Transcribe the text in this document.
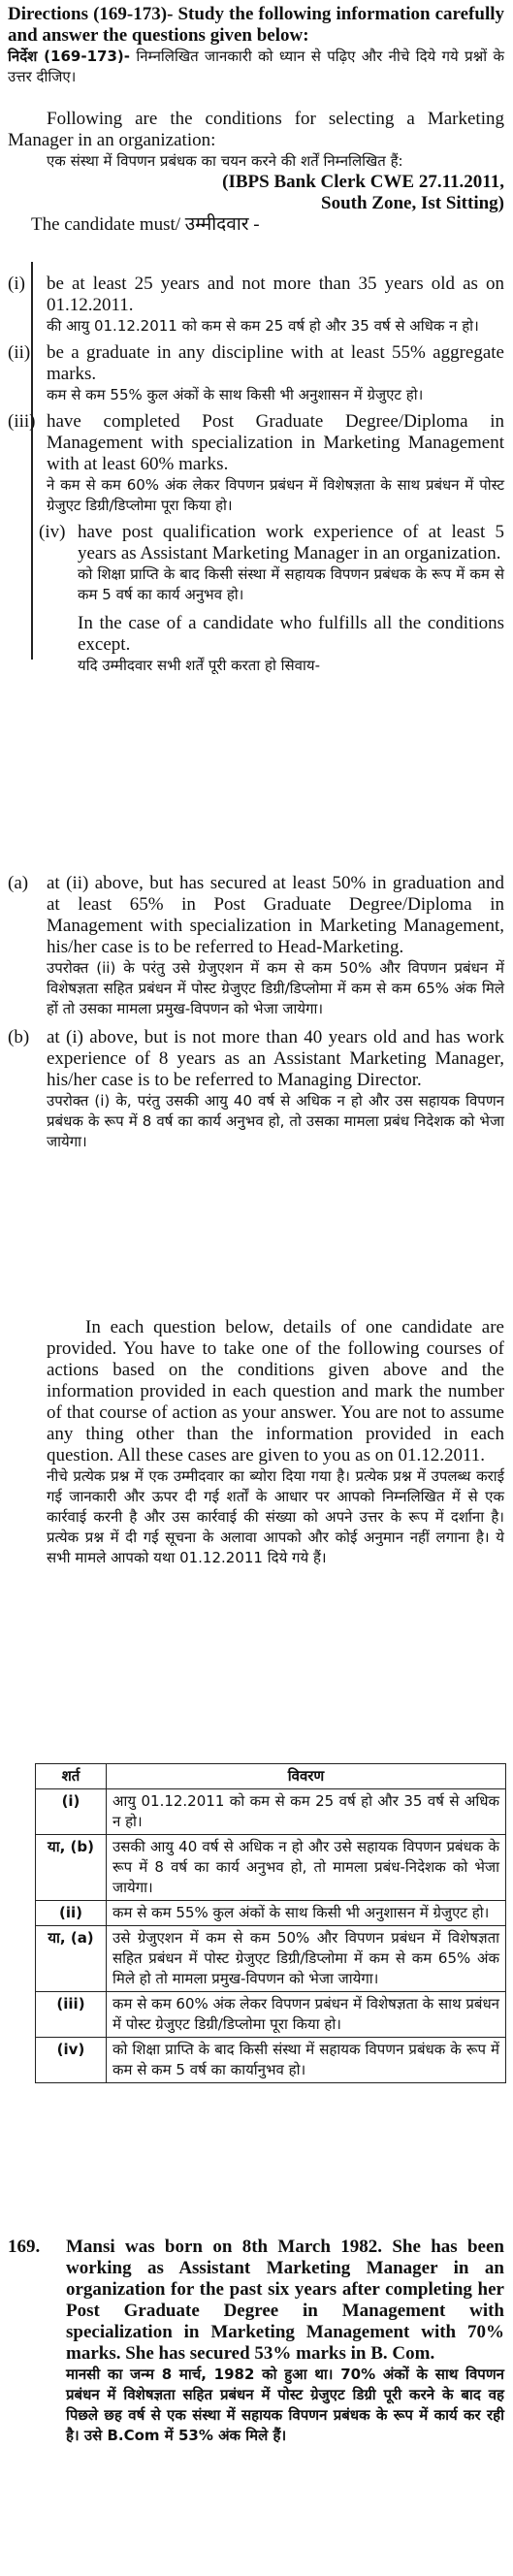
Directions (169-173)- Study the following information carefully and answer the questions given below:

निर्देश (169-173)- निम्नलिखित जानकारी को ध्यान से पढ़िए और नीचे दिये गये प्रश्नों के उत्तर दीजिए।

Following are the conditions for selecting a Marketing Manager in an organization:

एक संस्था में विपणन प्रबंधक का चयन करने की शर्तें निम्नलिखित हैं:

(IBPS Bank Clerk CWE 27.11.2011, South Zone, Ist Sitting)

The candidate must/ उम्मीदवार -

(i) be at least 25 years and not more than 35 years old as on 01.12.2011.

की आयु 01.12.2011 को कम से कम 25 वर्ष हो और 35 वर्ष से अधिक न हो।

(ii) be a graduate in any discipline with at least 55% aggregate marks.

कम से कम 55% कुल अंकों के साथ किसी भी अनुशासन में ग्रेजुएट हो।

(iii) have completed Post Graduate Degree/Diploma in Management with specialization in Marketing Management with at least 60% marks.

ने कम से कम 60% अंक लेकर विपणन प्रबंधन में विशेषज्ञता के साथ प्रबंधन में पोस्ट ग्रेजुएट डिग्री/डिप्लोमा पूरा किया हो।

(iv) have post qualification work experience of at least 5 years as Assistant Marketing Manager in an organization.

को शिक्षा प्राप्ति के बाद किसी संस्था में सहायक विपणन प्रबंधक के रूप में कम से कम 5 वर्ष का कार्य अनुभव हो।

In the case of a candidate who fulfills all the conditions except.

यदि उम्मीदवार सभी शर्तें पूरी करता हो सिवाय-

(a) at (ii) above, but has secured at least 50% in graduation and at least 65% in Post Graduate Degree/Diploma in Management with specialization in Marketing Management, his/her case is to be referred to Head-Marketing.

उपरोक्त (ii) के परंतु उसे ग्रेजुएशन में कम से कम 50% और विपणन प्रबंधन में विशेषज्ञता सहित प्रबंधन में पोस्ट ग्रेजुएट डिग्री/डिप्लोमा में कम से कम 65% अंक मिले हों तो उसका मामला प्रमुख-विपणन को भेजा जायेगा।

(b) at (i) above, but is not more than 40 years old and has work experience of 8 years as an Assistant Marketing Manager, his/her case is to be referred to Managing Director.

उपरोक्त (i) के, परंतु उसकी आयु 40 वर्ष से अधिक न हो और उस सहायक विपणन प्रबंधक के रूप में 8 वर्ष का कार्य अनुभव हो, तो उसका मामला प्रबंध निदेशक को भेजा जायेगा।

In each question below, details of one candidate are provided. You have to take one of the following courses of actions based on the conditions given above and the information provided in each question and mark the number of that course of action as your answer. You are not to assume any thing other than the information provided in each question. All these cases are given to you as on 01.12.2011.

नीचे प्रत्येक प्रश्न में एक उम्मीदवार का ब्योरा दिया गया है। प्रत्येक प्रश्न में उपलब्ध कराई गई जानकारी और ऊपर दी गई शर्तों के आधार पर आपको निम्नलिखित में से एक कार्रवाई करनी है और उस कार्रवाई की संख्या को अपने उत्तर के रूप में दर्शाना है। प्रत्येक प्रश्न में दी गई सूचना के अलावा आपको और कोई अनुमान नहीं लगाना है। ये सभी मामले आपको यथा 01.12.2011 दिये गये हैं।

शर्त	विवरण
(i)	आयु 01.12.2011 को कम से कम 25 वर्ष हो और 35 वर्ष से अधिक न हो।
या, (b)	उसकी आयु 40 वर्ष से अधिक न हो और उसे सहायक विपणन प्रबंधक के रूप में 8 वर्ष का कार्य अनुभव हो, तो मामला प्रबंध-निदेशक को भेजा जायेगा।
(ii)	कम से कम 55% कुल अंकों के साथ किसी भी अनुशासन में ग्रेजुएट हो।
या, (a)	उसे ग्रेजुएशन में कम से कम 50% और विपणन प्रबंधन में विशेषज्ञता सहित प्रबंधन में पोस्ट ग्रेजुएट डिग्री/डिप्लोमा में कम से कम 65% अंक मिले हो तो मामला प्रमुख-विपणन को भेजा जायेगा।
(iii)	कम से कम 60% अंक लेकर विपणन प्रबंधन में विशेषज्ञता के साथ प्रबंधन में पोस्ट ग्रेजुएट डिग्री/डिप्लोमा पूरा किया हो।
(iv)	को शिक्षा प्राप्ति के बाद किसी संस्था में सहायक विपणन प्रबंधक के रूप में कम से कम 5 वर्ष का कार्यानुभव हो।
169. Mansi was born on 8th March 1982. She has been working as Assistant Marketing Manager in an organization for the past six years after completing her Post Graduate Degree in Management with specialization in Marketing Management with 70% marks. She has secured 53% marks in B. Com.

मानसी का जन्म 8 मार्च, 1982 को हुआ था। 70% अंकों के साथ विपणन प्रबंधन में विशेषज्ञता सहित प्रबंधन में पोस्ट ग्रेजुएट डिग्री पूरी करने के बाद वह पिछले छह वर्ष से एक संस्था में सहायक विपणन प्रबंधक के रूप में कार्य कर रही है। उसे B.Com में 53% अंक मिले हैं।
